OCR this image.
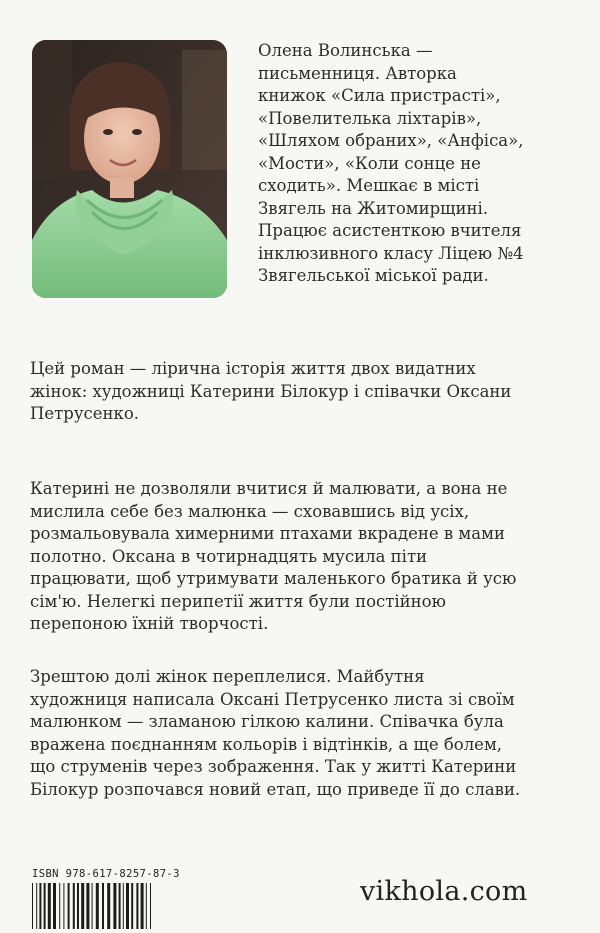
Олена Волинська —
письменниця. Авторка
книжок «Сила пристрасті»,
«Повелителька ліхтарів»,
«Шляхом обраних», «Анфіса»,
«Мости», «Коли сонце не
сходить». Мешкає в місті
Звягель на Житомирщині.
Працює асистенткою вчителя
інклюзивного класу Ліцею №4
Звягельської міської ради.
Цей роман — лірична історія життя двох видатних
жінок: художниці Катерини Білокур і співачки Оксани
Петрусенко.
Катерині не дозволяли вчитися й малювати, а вона не
мислила себе без малюнка — сховавшись від усіх,
розмальовувала химерними птахами вкрадене в мами
полотно. Оксана в чотирнадцять мусила піти
працювати, щоб утримувати маленького братика й усю
сім'ю. Нелегкі перипетії життя були постійною
перепоною їхній творчості.
Зрештою долі жінок переплелися. Майбутня
художниця написала Оксані Петрусенко листа зі своїм
малюнком — зламаною гілкою калини. Співачка була
вражена поєднанням кольорів і відтінків, а ще болем,
що струменів через зображення. Так у житті Катерини
Білокур розпочався новий етап, що приведе її до слави.
ISBN 978-617-8257-87-3
vikhola.com
